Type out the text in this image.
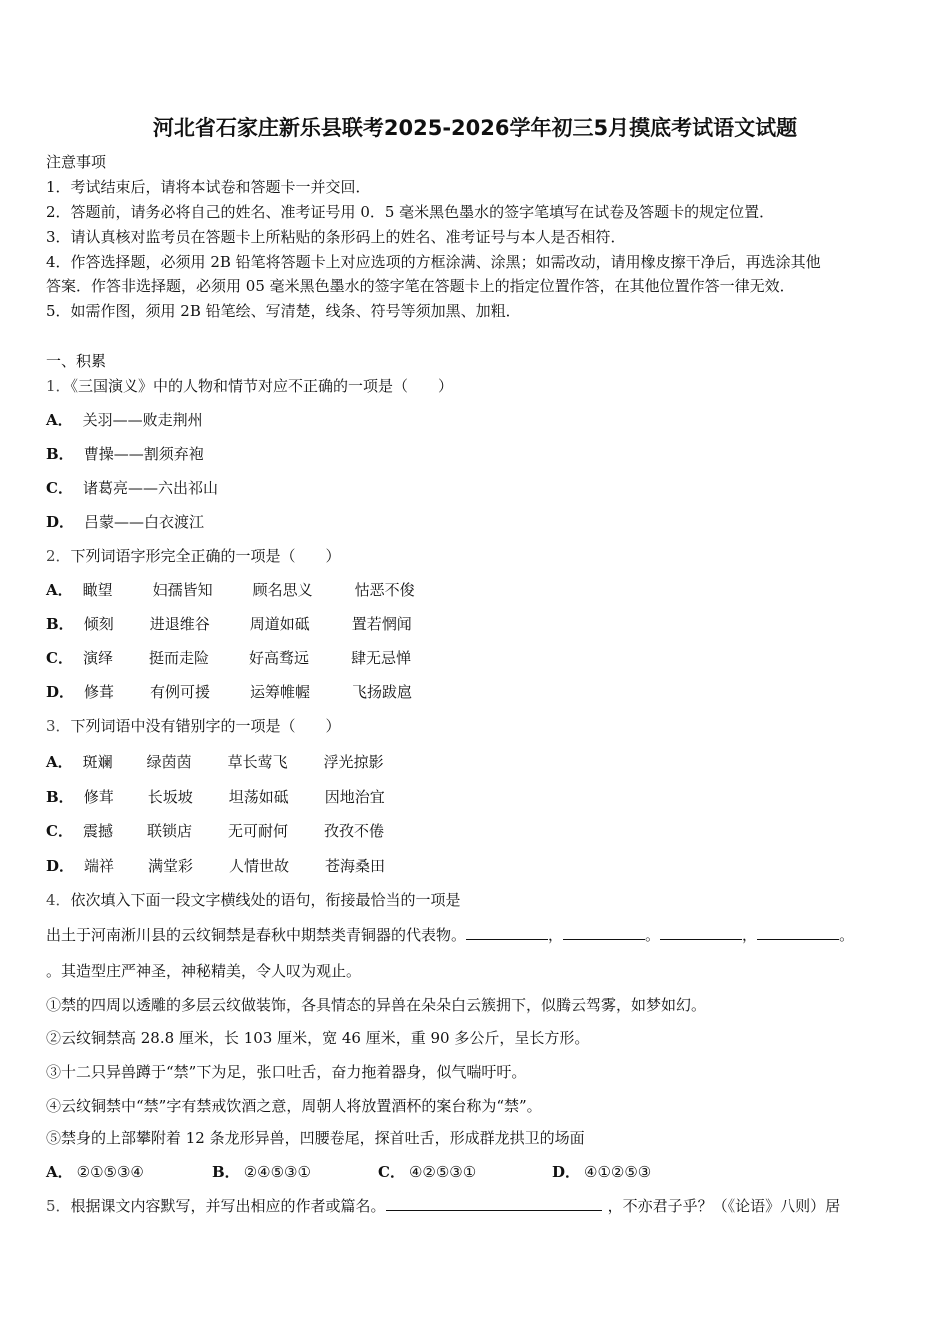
河北省石家庄新乐县联考2025-2026学年初三5月摸底考试语文试题
注意事项
1．考试结束后，请将本试卷和答题卡一并交回．
2．答题前，请务必将自己的姓名、准考证号用 0．5 毫米黑色墨水的签字笔填写在试卷及答题卡的规定位置．
3．请认真核对监考员在答题卡上所粘贴的条形码上的姓名、准考证号与本人是否相符．
4．作答选择题，必须用 2B 铅笔将答题卡上对应选项的方框涂满、涂黑；如需改动，请用橡皮擦干净后，再选涂其他
答案．作答非选择题，必须用 05 毫米黑色墨水的签字笔在答题卡上的指定位置作答，在其他位置作答一律无效．
5．如需作图，须用 2B 铅笔绘、写清楚，线条、符号等须加黑、加粗．
一、积累
1．《三国演义》中的人物和情节对应不正确的一项是（　　）
A． 关羽——败走荆州
B． 曹操——割须弃袍
C． 诸葛亮——六出祁山
D． 吕蒙——白衣渡江
2．下列词语字形完全正确的一项是（　　）
A． 瞰望	妇孺皆知	顾名思义	怙恶不俊
B． 倾刻 进退维谷	周道如砥	置若惘闻
C． 演绎 挺而走险	好高骛远	肆无忌惮
D． 修葺 有例可援	运筹帷幄	飞扬跋扈
3．下列词语中没有错别字的一项是（　　）
A． 斑斓 绿茵茵 草长莺飞 浮光掠影
B． 修茸 长坂坡 坦荡如砥 因地治宜
C． 震撼 联锁店 无可耐何 孜孜不倦
D． 端祥 满堂彩 人情世故 苍海桑田
4．依次填入下面一段文字横线处的语句，衔接最恰当的一项是
出土于河南淅川县的云纹铜禁是春秋中期禁类青铜器的代表物。	，	。	，	。
。其造型庄严神圣，神秘精美，令人叹为观止。
①禁的四周以透雕的多层云纹做装饰，各具情态的异兽在朵朵白云簇拥下，似腾云驾雾，如梦如幻。
②云纹铜禁高 28.8 厘米，长 103 厘米，宽 46 厘米，重 90 多公斤，呈长方形。
③十二只异兽蹲于“禁”下为足，张口吐舌，奋力拖着器身，似气喘吁吁。
④云纹铜禁中“禁”字有禁戒饮酒之意，周朝人将放置酒杯的案台称为“禁”。
⑤禁身的上部攀附着 12 条龙形异兽，凹腰卷尾，探首吐舌，形成群龙拱卫的场面
A． ②①⑤③④	B． ②④⑤③①	C． ④②⑤③①	D． ④①②⑤③
5．根据课文内容默写，并写出相应的作者或篇名。	，不亦君子乎？（《论语》八则）居
